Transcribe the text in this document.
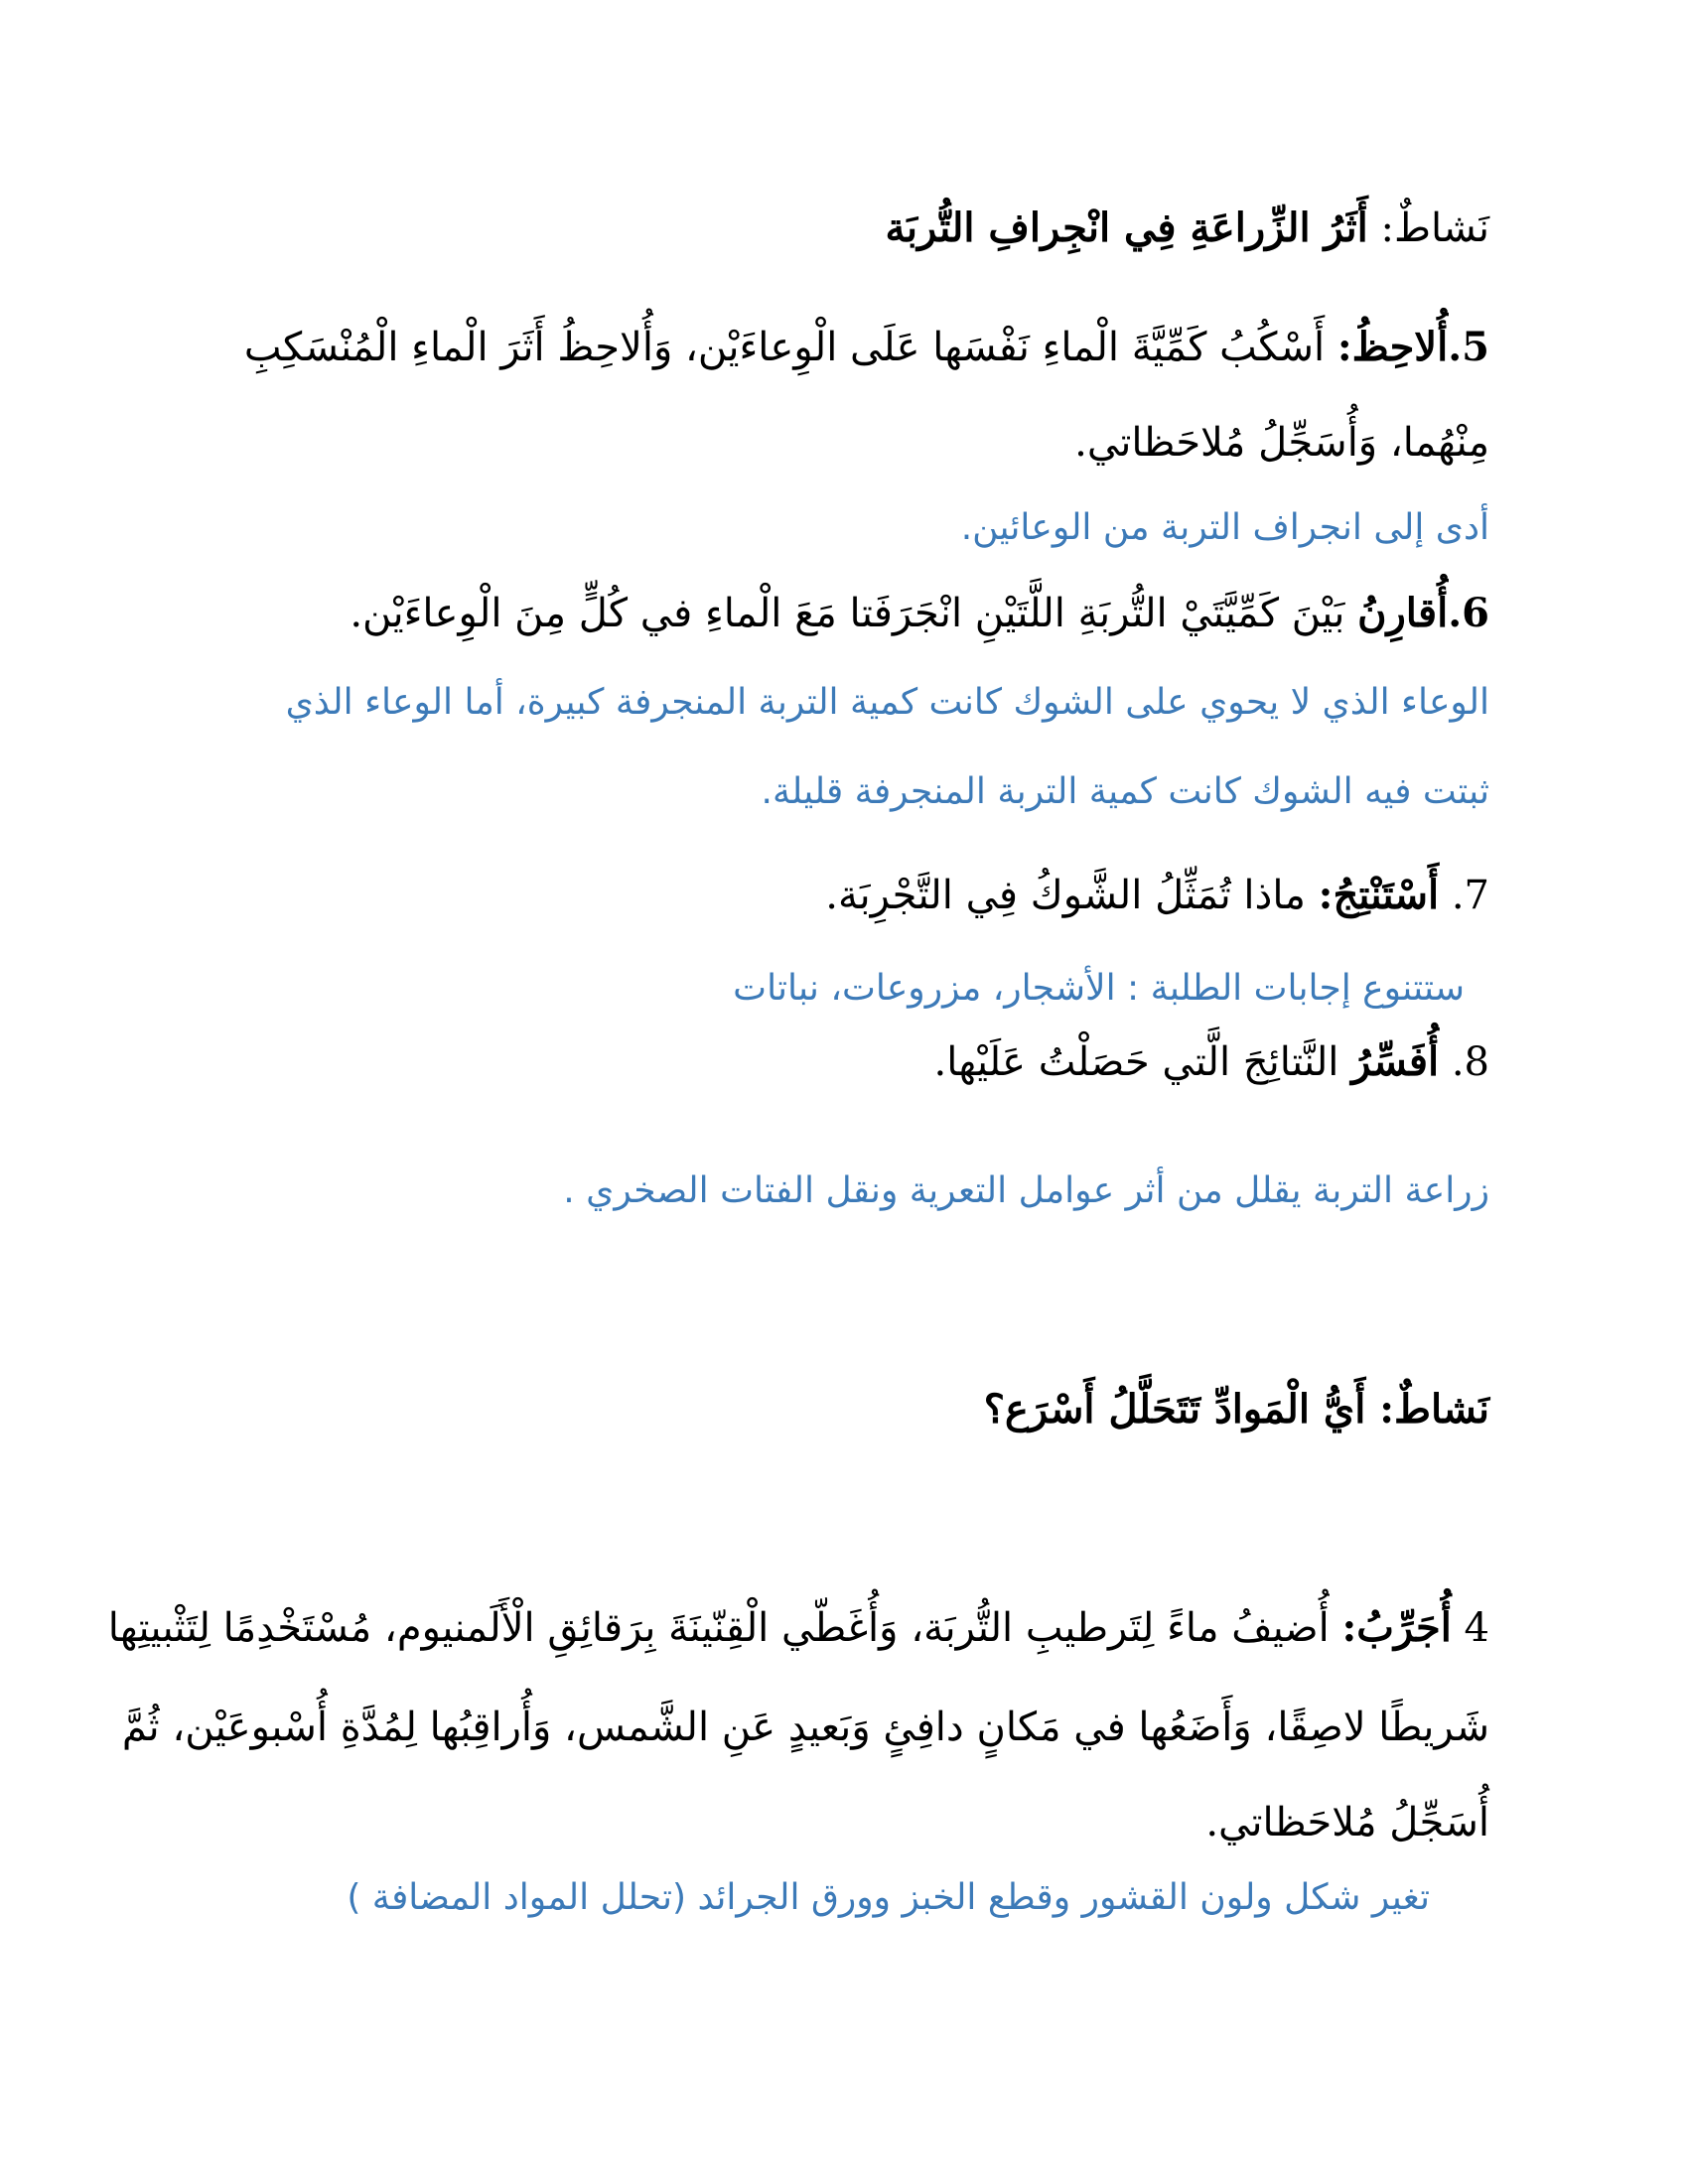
نَشاطٌ: أَثَرُ الزِّراعَةِ فِي انْجِرافِ التُّربَة
5.أُلاحِظُ: أَسْكُبُ كَمِّيَّةَ الْماءِ نَفْسَها عَلَى الْوِعاءَيْن، وَأُلاحِظُ أَثَرَ الْماءِ الْمُنْسَكِبِ
مِنْهُما، وَأُسَجِّلُ مُلاحَظاتي.
أدى إلى انجراف التربة من الوعائين.
6.أُقارِنُ بَيْنَ كَمِّيَّتَيْ التُّربَةِ اللَّتَيْنِ انْجَرَفَتا مَعَ الْماءِ في كُلٍّ مِنَ الْوِعاءَيْن.
الوعاء الذي لا يحوي على الشوك كانت كمية التربة المنجرفة كبيرة، أما الوعاء الذي
ثبتت فيه الشوك كانت كمية التربة المنجرفة قليلة.
7. أَسْتَنْتِجُ: ماذا تُمَثِّلُ الشَّوكُ فِي التَّجْرِبَة.
ستتنوع إجابات الطلبة : الأشجار، مزروعات، نباتات
8. أُفَسِّرُ النَّتائِجَ الَّتي حَصَلْتُ عَلَيْها.
زراعة التربة يقلل من أثر عوامل التعرية ونقل الفتات الصخري .
نَشاطٌ: أَيُّ الْمَوادِّ تَتَحَلَّلُ أَسْرَع؟
4 أُجَرِّبُ: أُضيفُ ماءً لِتَرطيبِ التُّربَة، وَأُغَطّي الْقِنّينَةَ بِرَقائِقِ الْأَلَمنيوم، مُسْتَخْدِمًا لِتَثْبيتِها
شَريطًا لاصِقًا، وَأَضَعُها في مَكانٍ دافِئٍ وَبَعيدٍ عَنِ الشَّمس، وَأُراقِبُها لِمُدَّةِ أُسْبوعَيْن، ثُمَّ
أُسَجِّلُ مُلاحَظاتي.
تغير شكل ولون القشور وقطع الخبز وورق الجرائد (تحلل المواد المضافة )
